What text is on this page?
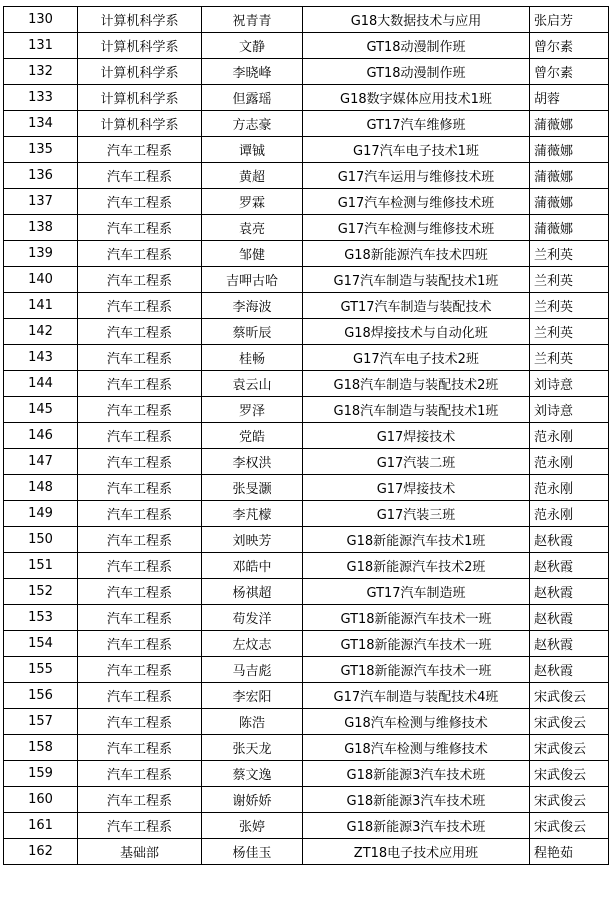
130	计算机科学系	祝青青	G18大数据技术与应用	张启芳
131	计算机科学系	文静	GT18动漫制作班	曾尔素
132	计算机科学系	李晓峰	GT18动漫制作班	曾尔素
133	计算机科学系	但露瑶	G18数字媒体应用技术1班	胡蓉
134	计算机科学系	方志豪	GT17汽车维修班	蒲薇娜
135	汽车工程系	谭铖	G17汽车电子技术1班	蒲薇娜
136	汽车工程系	黄超	G17汽车运用与维修技术班	蒲薇娜
137	汽车工程系	罗霖	G17汽车检测与维修技术班	蒲薇娜
138	汽车工程系	袁亮	G17汽车检测与维修技术班	蒲薇娜
139	汽车工程系	邹健	G18新能源汽车技术四班	兰利英
140	汽车工程系	吉呷古哈	G17汽车制造与装配技术1班	兰利英
141	汽车工程系	李海波	GT17汽车制造与装配技术	兰利英
142	汽车工程系	蔡昕辰	G18焊接技术与自动化班	兰利英
143	汽车工程系	桂畅	G17汽车电子技术2班	兰利英
144	汽车工程系	袁云山	G18汽车制造与装配技术2班	刘诗意
145	汽车工程系	罗泽	G18汽车制造与装配技术1班	刘诗意
146	汽车工程系	党皓	G17焊接技术	范永刚
147	汽车工程系	李权洪	G17汽装二班	范永刚
148	汽车工程系	张旻灏	G17焊接技术	范永刚
149	汽车工程系	李芃檬	G17汽装三班	范永刚
150	汽车工程系	刘映芳	G18新能源汽车技术1班	赵秋霞
151	汽车工程系	邓皓中	G18新能源汽车技术2班	赵秋霞
152	汽车工程系	杨祺超	GT17汽车制造班	赵秋霞
153	汽车工程系	苟发洋	GT18新能源汽车技术一班	赵秋霞
154	汽车工程系	左炆志	GT18新能源汽车技术一班	赵秋霞
155	汽车工程系	马吉彪	GT18新能源汽车技术一班	赵秋霞
156	汽车工程系	李宏阳	G17汽车制造与装配技术4班	宋武俊云
157	汽车工程系	陈浩	G18汽车检测与维修技术	宋武俊云
158	汽车工程系	张天龙	G18汽车检测与维修技术	宋武俊云
159	汽车工程系	蔡文逸	G18新能源3汽车技术班	宋武俊云
160	汽车工程系	谢娇娇	G18新能源3汽车技术班	宋武俊云
161	汽车工程系	张婷	G18新能源3汽车技术班	宋武俊云
162	基础部	杨佳玉	ZT18电子技术应用班	程艳茹
